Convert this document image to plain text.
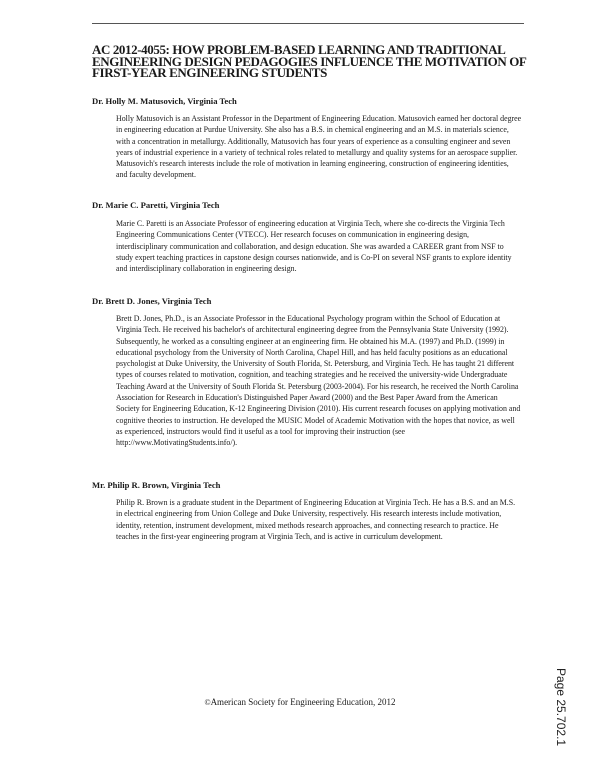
AC 2012-4055: HOW PROBLEM-BASED LEARNING AND TRADITIONAL ENGINEERING DESIGN PEDAGOGIES INFLUENCE THE MOTIVATION OF FIRST-YEAR ENGINEERING STUDENTS

Dr. Holly M. Matusovich, Virginia Tech

Holly Matusovich is an Assistant Professor in the Department of Engineering Education. Matusovich earned her doctoral degree in engineering education at Purdue University. She also has a B.S. in chemical engineering and an M.S. in materials science, with a concentration in metallurgy. Additionally, Matusovich has four years of experience as a consulting engineer and seven years of industrial experience in a variety of technical roles related to metallurgy and quality systems for an aerospace supplier. Matusovich's research interests include the role of motivation in learning engineering, construction of engineering identities, and faculty development.

Dr. Marie C. Paretti, Virginia Tech

Marie C. Paretti is an Associate Professor of engineering education at Virginia Tech, where she co-directs the Virginia Tech Engineering Communications Center (VTECC). Her research focuses on communication in engineering design, interdisciplinary communication and collaboration, and design education. She was awarded a CAREER grant from NSF to study expert teaching practices in capstone design courses nationwide, and is Co-PI on several NSF grants to explore identity and interdisciplinary collaboration in engineering design.

Dr. Brett D. Jones, Virginia Tech

Brett D. Jones, Ph.D., is an Associate Professor in the Educational Psychology program within the School of Education at Virginia Tech. He received his bachelor's of architectural engineering degree from the Pennsylvania State University (1992). Subsequently, he worked as a consulting engineer at an engineering firm. He obtained his M.A. (1997) and Ph.D. (1999) in educational psychology from the University of North Carolina, Chapel Hill, and has held faculty positions as an educational psychologist at Duke University, the University of South Florida, St. Petersburg, and Virginia Tech. He has taught 21 different types of courses related to motivation, cognition, and teaching strategies and he received the university-wide Undergraduate Teaching Award at the University of South Florida St. Petersburg (2003-2004). For his research, he received the North Carolina Association for Research in Education's Distinguished Paper Award (2000) and the Best Paper Award from the American Society for Engineering Education, K-12 Engineering Division (2010). His current research focuses on applying motivation and cognitive theories to instruction. He developed the MUSIC Model of Academic Motivation with the hopes that novice, as well as experienced, instructors would find it useful as a tool for improving their instruction (see http://www.MotivatingStudents.info/).

Mr. Philip R. Brown, Virginia Tech

Philip R. Brown is a graduate student in the Department of Engineering Education at Virginia Tech. He has a B.S. and an M.S. in electrical engineering from Union College and Duke University, respectively. His research interests include motivation, identity, retention, instrument development, mixed methods research approaches, and connecting research to practice. He teaches in the first-year engineering program at Virginia Tech, and is active in curriculum development.

©American Society for Engineering Education, 2012	Page 25.702.1
